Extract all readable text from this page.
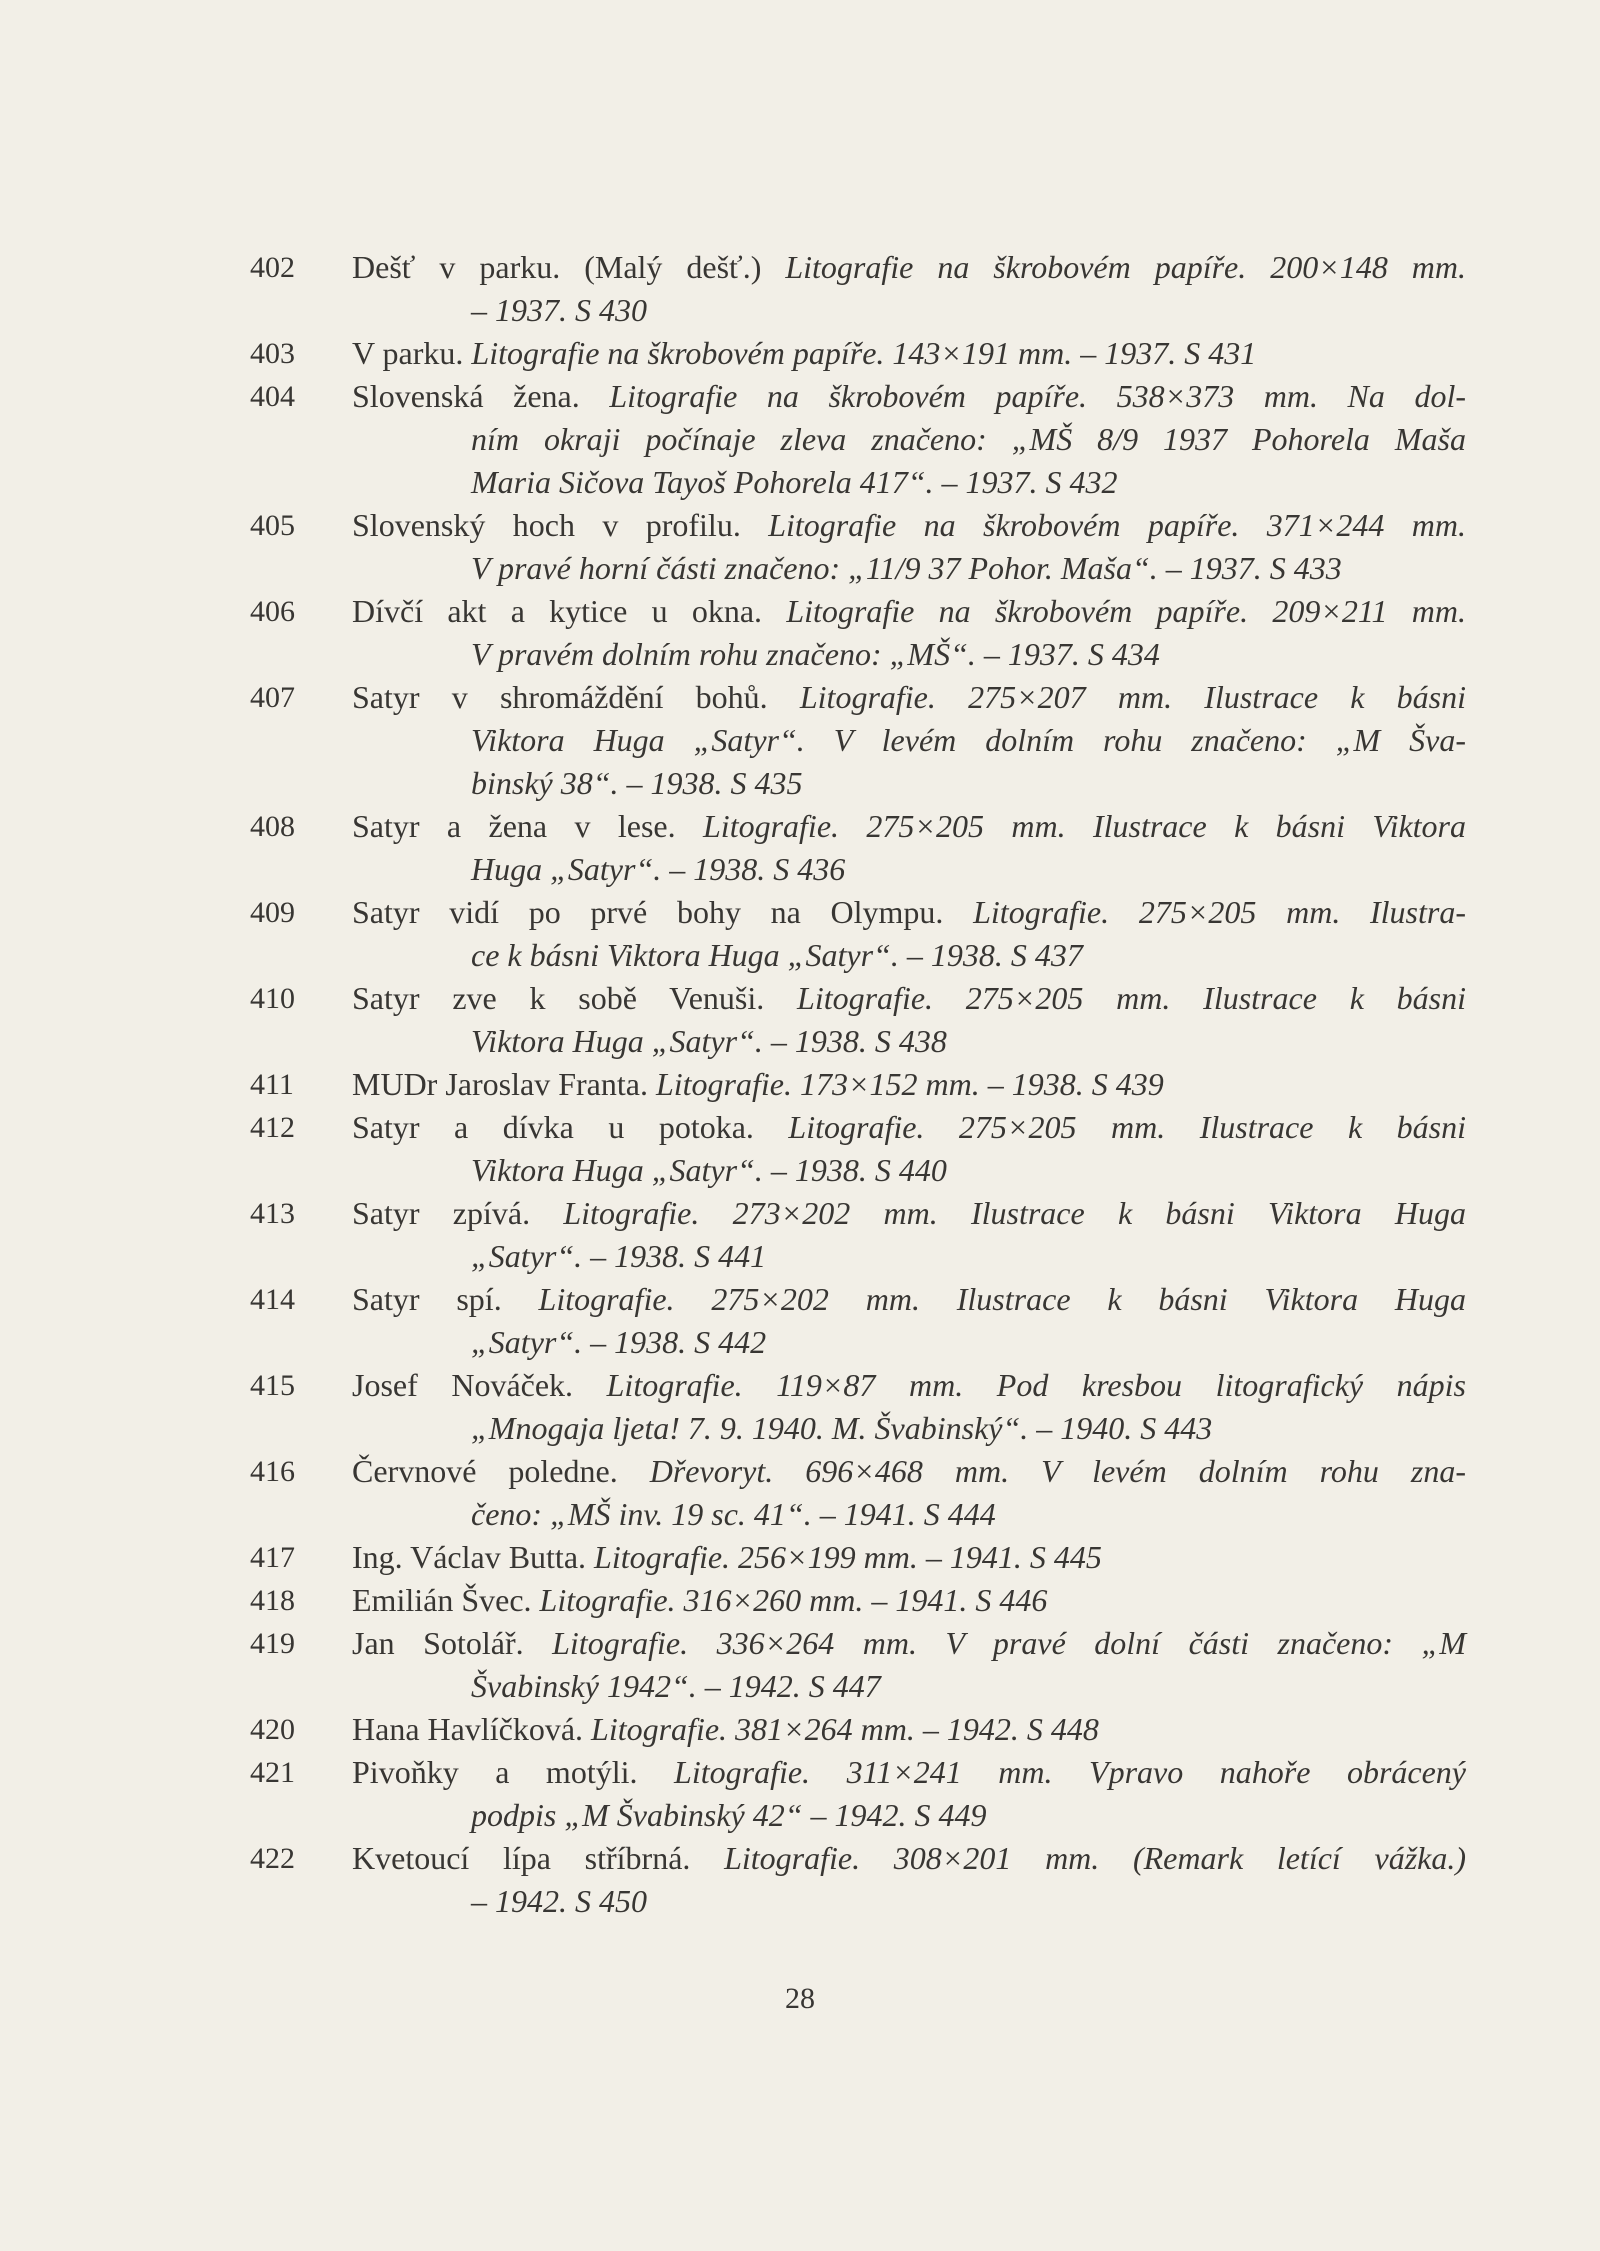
402	Dešť v parku. (Malý dešť.) Litografie na škrobovém papíře. 200×148 mm.
– 1937. S 430
403	V parku. Litografie na škrobovém papíře. 143×191 mm. – 1937. S 431
404	Slovenská žena. Litografie na škrobovém papíře. 538×373 mm. Na dol-
ním okraji počínaje zleva značeno: „MŠ 8/9 1937 Pohorela Maša
Maria Sičova Tayoš Pohorela 417“. – 1937. S 432
405	Slovenský hoch v profilu. Litografie na škrobovém papíře. 371×244 mm.
V pravé horní části značeno: „11/9 37 Pohor. Maša“. – 1937. S 433
406	Dívčí akt a kytice u okna. Litografie na škrobovém papíře. 209×211 mm.
V pravém dolním rohu značeno: „MŠ“. – 1937. S 434
407	Satyr v shromáždění bohů. Litografie. 275×207 mm. Ilustrace k básni
Viktora Huga „Satyr“. V levém dolním rohu značeno: „M Šva-
binský 38“. – 1938. S 435
408	Satyr a žena v lese. Litografie. 275×205 mm. Ilustrace k básni Viktora
Huga „Satyr“. – 1938. S 436
409	Satyr vidí po prvé bohy na Olympu. Litografie. 275×205 mm. Ilustra-
ce k básni Viktora Huga „Satyr“. – 1938. S 437
410	Satyr zve k sobě Venuši. Litografie. 275×205 mm. Ilustrace k básni
Viktora Huga „Satyr“. – 1938. S 438
411	MUDr Jaroslav Franta. Litografie. 173×152 mm. – 1938. S 439
412	Satyr a dívka u potoka. Litografie. 275×205 mm. Ilustrace k básni
Viktora Huga „Satyr“. – 1938. S 440
413	Satyr zpívá. Litografie. 273×202 mm. Ilustrace k básni Viktora Huga
„Satyr“. – 1938. S 441
414	Satyr spí. Litografie. 275×202 mm. Ilustrace k básni Viktora Huga
„Satyr“. – 1938. S 442
415	Josef Nováček. Litografie. 119×87 mm. Pod kresbou litografický nápis
„Mnogaja ljeta! 7. 9. 1940. M. Švabinský“. – 1940. S 443
416	Červnové poledne. Dřevoryt. 696×468 mm. V levém dolním rohu zna-
čeno: „MŠ inv. 19 sc. 41“. – 1941. S 444
417	Ing. Václav Butta. Litografie. 256×199 mm. – 1941. S 445
418	Emilián Švec. Litografie. 316×260 mm. – 1941. S 446
419	Jan Sotolář. Litografie. 336×264 mm. V pravé dolní části značeno: „M
Švabinský 1942“. – 1942. S 447
420	Hana Havlíčková. Litografie. 381×264 mm. – 1942. S 448
421	Pivoňky a motýli. Litografie. 311×241 mm. Vpravo nahoře obrácený
podpis „M Švabinský 42“ – 1942. S 449
422	Kvetoucí lípa stříbrná. Litografie. 308×201 mm. (Remark letící vážka.)
– 1942. S 450
28
